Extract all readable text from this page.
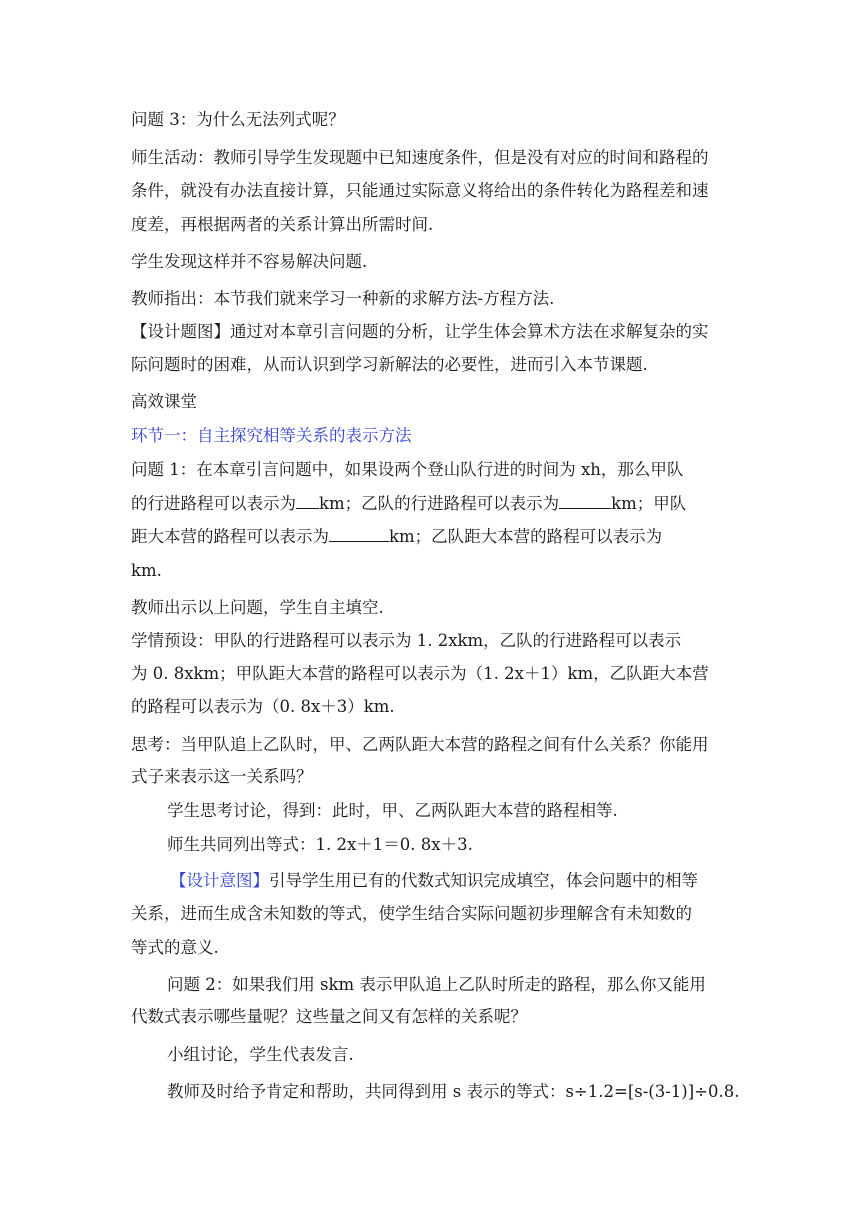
问题 3：为什么无法列式呢？
师生活动：教师引导学生发现题中已知速度条件，但是没有对应的时间和路程的
条件，就没有办法直接计算，只能通过实际意义将给出的条件转化为路程差和速
度差，再根据两者的关系计算出所需时间.
学生发现这样并不容易解决问题.
教师指出：本节我们就来学习一种新的求解方法-方程方法.
【设计题图】通过对本章引言问题的分析，让学生体会算术方法在求解复杂的实
际问题时的困难，从而认识到学习新解法的必要性，进而引入本节课题.
高效课堂
环节一：自主探究相等关系的表示方法
问题 1：在本章引言问题中，如果设两个登山队行进的时间为 xh，那么甲队
的行进路程可以表示为 km；乙队的行进路程可以表示为	km；甲队
距大本营的路程可以表示为	km；乙队距大本营的路程可以表示为
km.
教师出示以上问题，学生自主填空.
学情预设：甲队的行进路程可以表示为 1. 2xkm，乙队的行进路程可以表示
为 0. 8xkm；甲队距大本营的路程可以表示为（1. 2x＋1）km，乙队距大本营
的路程可以表示为（0. 8x＋3）km.
思考：当甲队追上乙队时，甲、乙两队距大本营的路程之间有什么关系？你能用
式子来表示这一关系吗？
学生思考讨论，得到：此时，甲、乙两队距大本营的路程相等.
师生共同列出等式：1. 2x＋1＝0. 8x＋3.
【设计意图】引导学生用已有的代数式知识完成填空，体会问题中的相等
关系，进而生成含未知数的等式，使学生结合实际问题初步理解含有未知数的
等式的意义.
问题 2：如果我们用 skm 表示甲队追上乙队时所走的路程，那么你又能用
代数式表示哪些量呢？这些量之间又有怎样的关系呢？
小组讨论，学生代表发言.
教师及时给予肯定和帮助，共同得到用 s 表示的等式：s÷1.2=[s-(3-1)]÷0.8.
